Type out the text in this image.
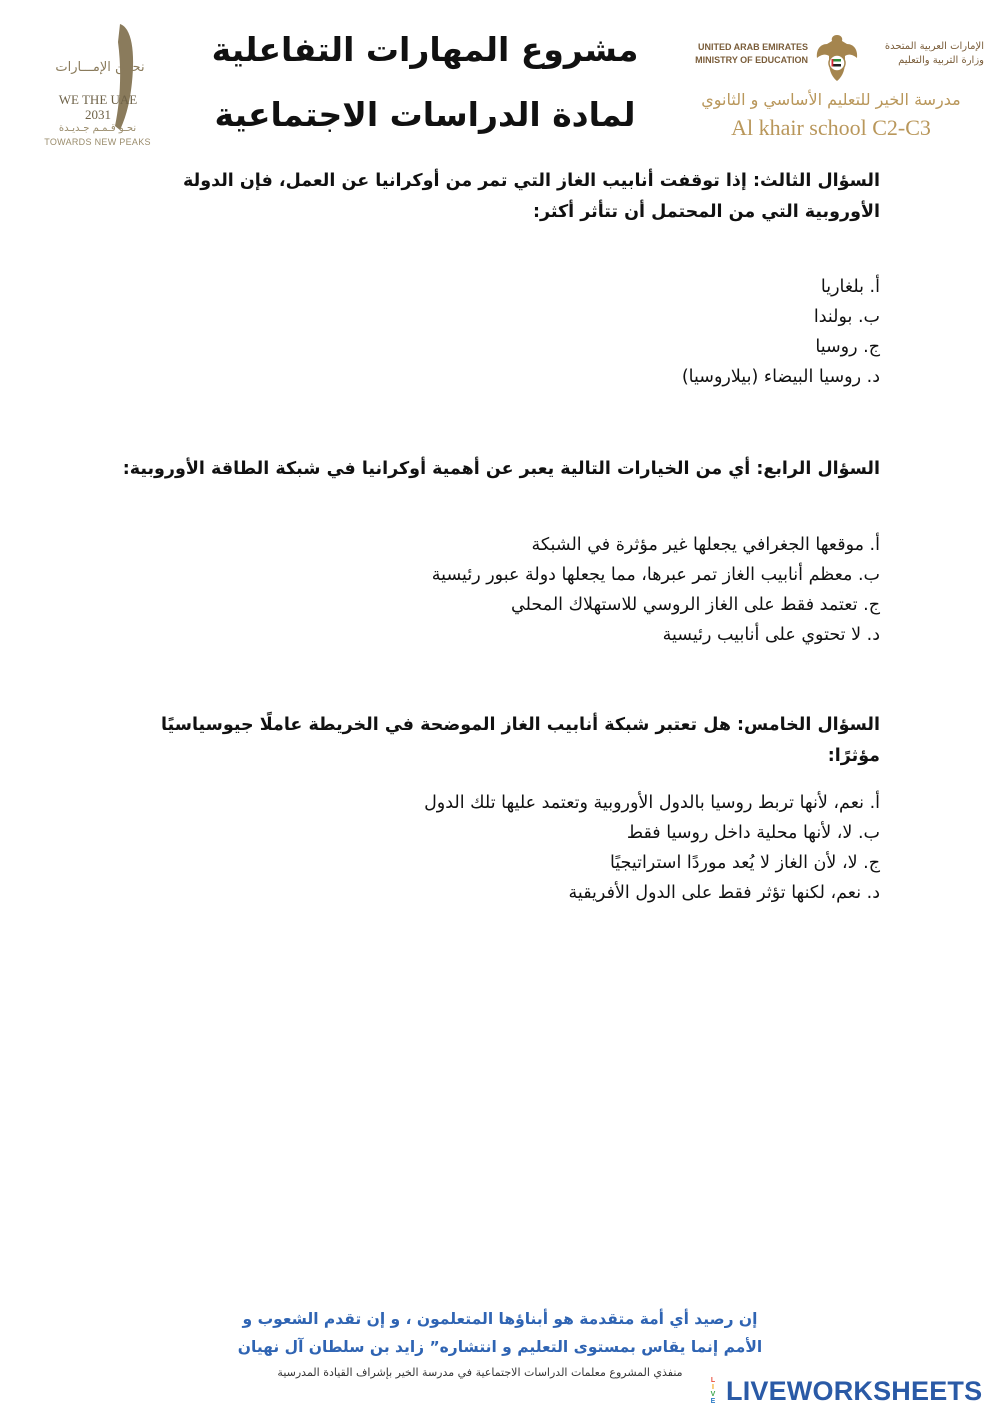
نحــن الإمـــارات
WE THE UAE
2031
نحـو قـمـم جـديـدة
TOWARDS NEW PEAKS
مشروع المهارات التفاعلية
لمادة الدراسات الاجتماعية
UNITED ARAB EMIRATES
MINISTRY OF EDUCATION
الإمارات العربية المتحدة
وزارة التربية والتعليم
مدرسة الخير للتعليم الأساسي و الثانوي
Al khair school C2-C3

السؤال الثالث: إذا توقفت أنابيب الغاز التي تمر من أوكرانيا عن العمل، فإن الدولة الأوروبية التي من المحتمل أن تتأثر أكثر:

أ. بلغاريا
ب. بولندا
ج. روسيا
د. روسيا البيضاء (بيلاروسيا)

السؤال الرابع: أي من الخيارات التالية يعبر عن أهمية أوكرانيا في شبكة الطاقة الأوروبية:

أ. موقعها الجغرافي يجعلها غير مؤثرة في الشبكة
ب. معظم أنابيب الغاز تمر عبرها، مما يجعلها دولة عبور رئيسية
ج. تعتمد فقط على الغاز الروسي للاستهلاك المحلي
د. لا تحتوي على أنابيب رئيسية

السؤال الخامس: هل تعتبر شبكة أنابيب الغاز الموضحة في الخريطة عاملًا جيوسياسيًا مؤثرًا:

أ. نعم، لأنها تربط روسيا بالدول الأوروبية وتعتمد عليها تلك الدول
ب. لا، لأنها محلية داخل روسيا فقط
ج. لا، لأن الغاز لا يُعد موردًا استراتيجيًا
د. نعم، لكنها تؤثر فقط على الدول الأفريقية
إن رصيد أي أمة متقدمة هو أبناؤها المتعلمون ، و إن تقدم الشعوب و
الأمم إنما يقاس بمستوى التعليم و انتشاره” زايد بن سلطان آل نهيان
منفذي المشروع معلمات الدراسات الاجتماعية في مدرسة الخير بإشراف القيادة المدرسية
L
I
V
E LIVEWORKSHEETS
